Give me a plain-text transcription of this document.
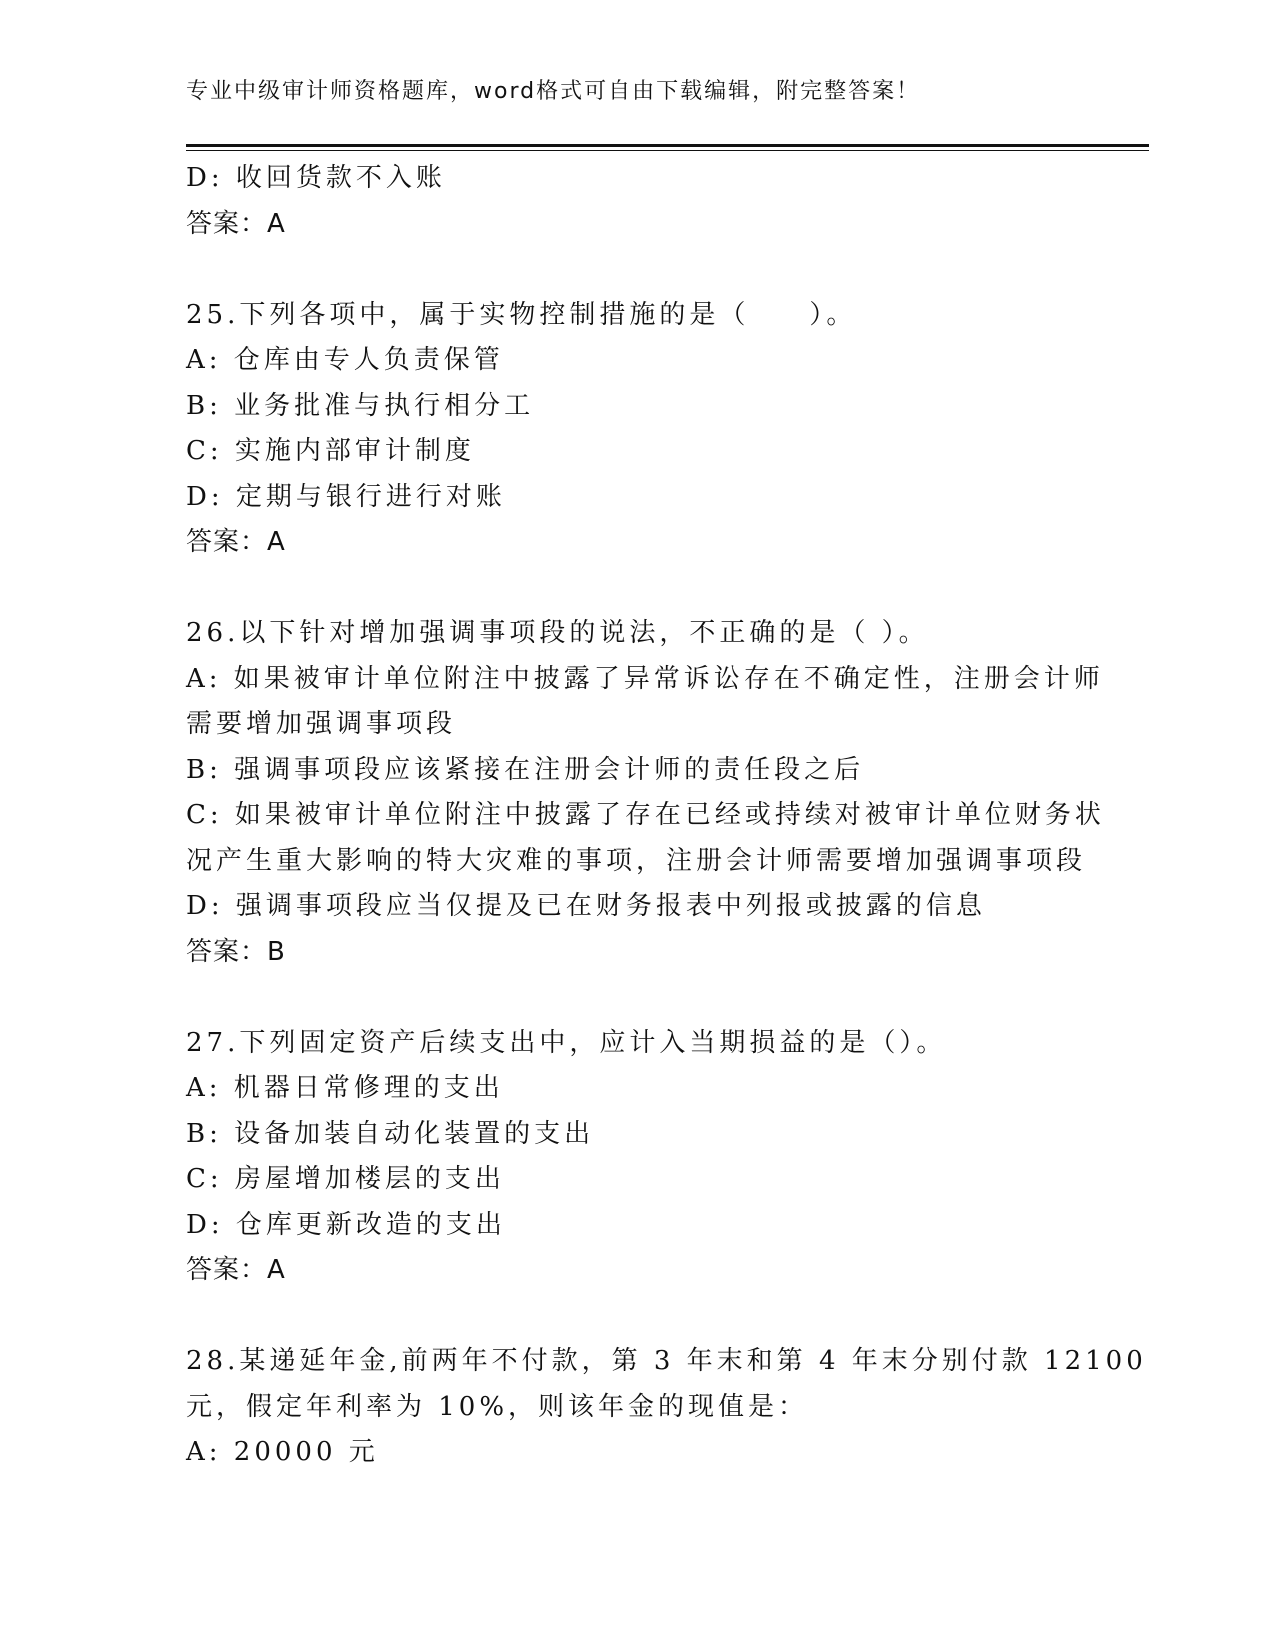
专业中级审计师资格题库，word格式可自由下载编辑，附完整答案！
D: 收回货款不入账
答案：A
25.下列各项中，属于实物控制措施的是（　　）。
A: 仓库由专人负责保管
B: 业务批准与执行相分工
C: 实施内部审计制度
D: 定期与银行进行对账
答案：A
26.以下针对增加强调事项段的说法，不正确的是（ ）。
A: 如果被审计单位附注中披露了异常诉讼存在不确定性，注册会计师
需要增加强调事项段
B: 强调事项段应该紧接在注册会计师的责任段之后
C: 如果被审计单位附注中披露了存在已经或持续对被审计单位财务状
况产生重大影响的特大灾难的事项，注册会计师需要增加强调事项段
D: 强调事项段应当仅提及已在财务报表中列报或披露的信息
答案：B
27.下列固定资产后续支出中，应计入当期损益的是（）。
A: 机器日常修理的支出
B: 设备加装自动化装置的支出
C: 房屋增加楼层的支出
D: 仓库更新改造的支出
答案：A
28.某递延年金,前两年不付款，第 3 年末和第 4 年末分别付款 12100
元，假定年利率为 10%，则该年金的现值是：
A: 20000 元
